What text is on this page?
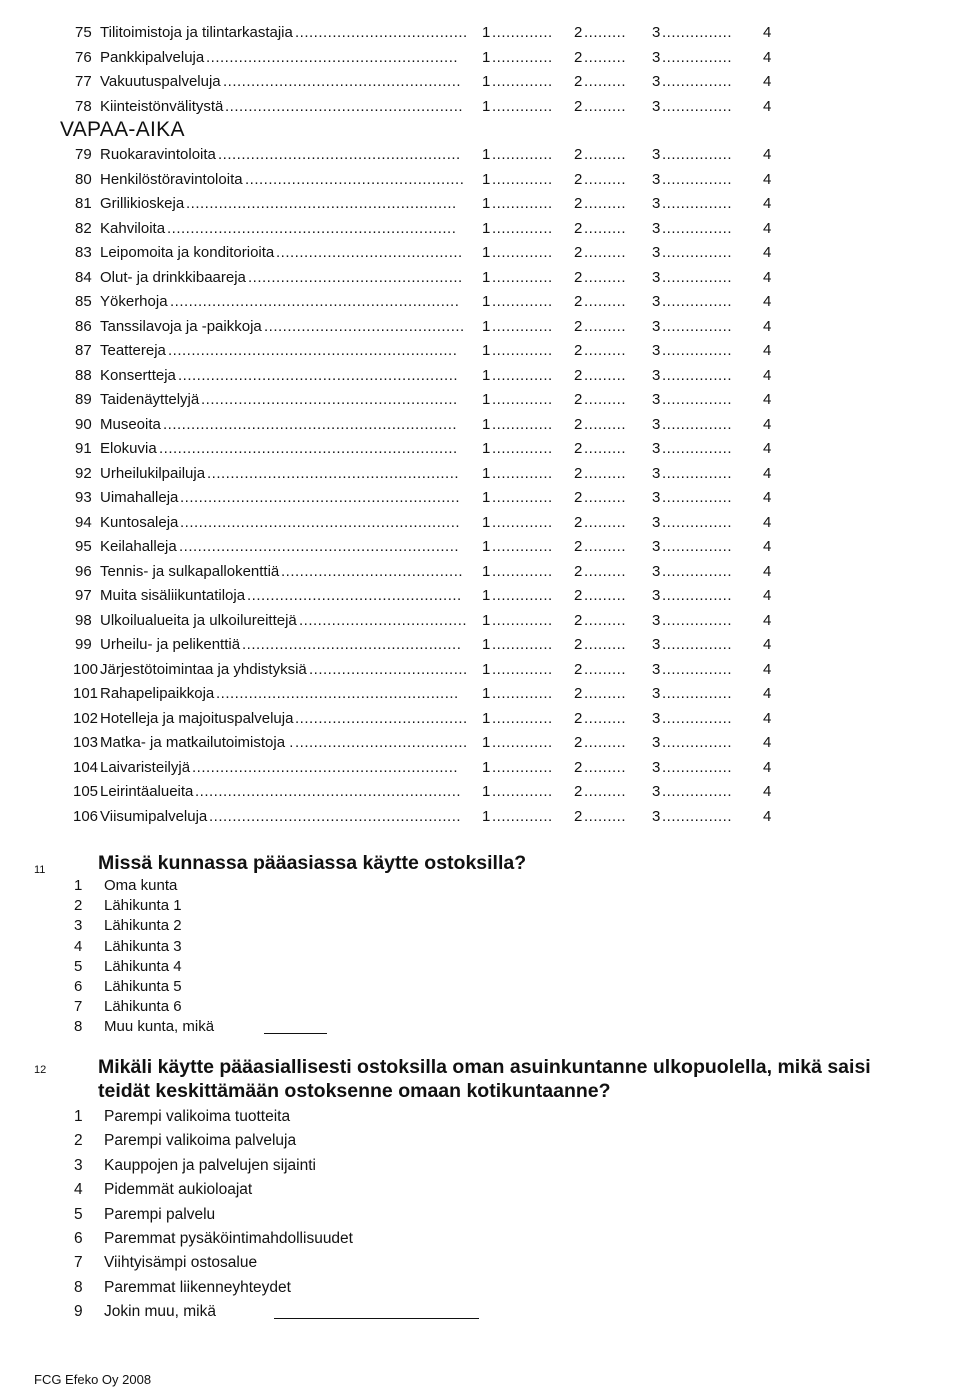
75 Tilitoimistoja ja tilintarkastajia ..................................... 1	2	3	4
............. ......... ...............
76 Pankkipalveluja ...................................................... 1	2	3	4
............. ......... ...............
77 Vakuutuspalveluja ................................................... 1	2	3	4
............. ......... ...............
78 Kiinteistönvälitystä ................................................... 1	2	3	4
............. ......... ...............
79 Ruokaravintoloita .................................................... 1	2	3	4
............. ......... ...............
80 Henkilöstöravintoloita ............................................... 1	2	3	4
............. ......... ...............
81 Grillikioskeja .......................................................... 1	2	3	4
............. ......... ...............
82 Kahviloita .............................................................. 1	2	3	4
............. ......... ...............
83 Leipomoita ja konditorioita ........................................ 1	2	3	4
............. ......... ...............
84 Olut- ja drinkkibaareja .............................................. 1	2	3	4
............. ......... ...............
85 Yökerhoja .............................................................. 1	2	3	4
............. ......... ...............
86 Tanssilavoja ja -paikkoja ........................................... 1	2	3	4
............. ......... ...............
87 Teattereja .............................................................. 1	2	3	4
............. ......... ...............
88 Konsertteja ............................................................ 1	2	3	4
............. ......... ...............
89 Taidenäyttelyjä ....................................................... 1	2	3	4
............. ......... ...............
90 Museoita ............................................................... 1	2	3	4
............. ......... ...............
91 Elokuvia ................................................................ 1	2	3	4
............. ......... ...............
92 Urheilukilpailuja ...................................................... 1	2	3	4
............. ......... ...............
93 Uimahalleja ............................................................ 1	2	3	4
............. ......... ...............
94 Kuntosaleja ............................................................ 1	2	3	4
............. ......... ...............
95 Keilahalleja ............................................................ 1	2	3	4
............. ......... ...............
96 Tennis- ja sulkapallokenttiä ....................................... 1	2	3	4
............. ......... ...............
97 Muita sisäliikuntatiloja .............................................. 1	2	3	4
............. ......... ...............
98 Ulkoilualueita ja ulkoilureittejä .................................... 1	2	3	4
............. ......... ...............
99 Urheilu- ja pelikenttiä ............................................... 1	2	3	4
............. ......... ...............
100 Järjestötoimintaa ja yhdistyksiä .................................. 1	2	3	4
............. ......... ...............
101 Rahapelipaikkoja .................................................... 1	2	3	4
............. ......... ...............
102 Hotelleja ja majoituspalveluja ..................................... 1	2	3	4
............. ......... ...............
103 Matka- ja matkailutoimistoja . ..................................... 1	2	3	4
............. ......... ...............
104 Laivaristeilyjä ......................................................... 1	2	3	4
............. ......... ...............
105 Leirintäalueita ......................................................... 1	2	3	4
............. ......... ...............
106 Viisumipalveluja ...................................................... 1	2	3	4
............. ......... ...............
VAPAA-AIKA
11	Missä kunnassa pääasiassa käytte ostoksilla?
1 Oma kunta
2 Lähikunta 1
3 Lähikunta 2
4 Lähikunta 3
5 Lähikunta 4
6 Lähikunta 5
7 Lähikunta 6
8 Muu kunta, mikä
12	Mikäli käytte pääasiallisesti ostoksilla oman asuinkuntanne ulkopuolella, mikä saisi
teidät keskittämään ostoksenne omaan kotikuntaanne?
1 Parempi valikoima tuotteita
2 Parempi valikoima palveluja
3 Kauppojen ja palvelujen sijainti
4 Pidemmät aukioloajat
5 Parempi palvelu
6 Paremmat pysäköintimahdollisuudet
7 Viihtyisämpi ostosalue
8 Paremmat liikenneyhteydet
9 Jokin muu, mikä
FCG Efeko Oy 2008
